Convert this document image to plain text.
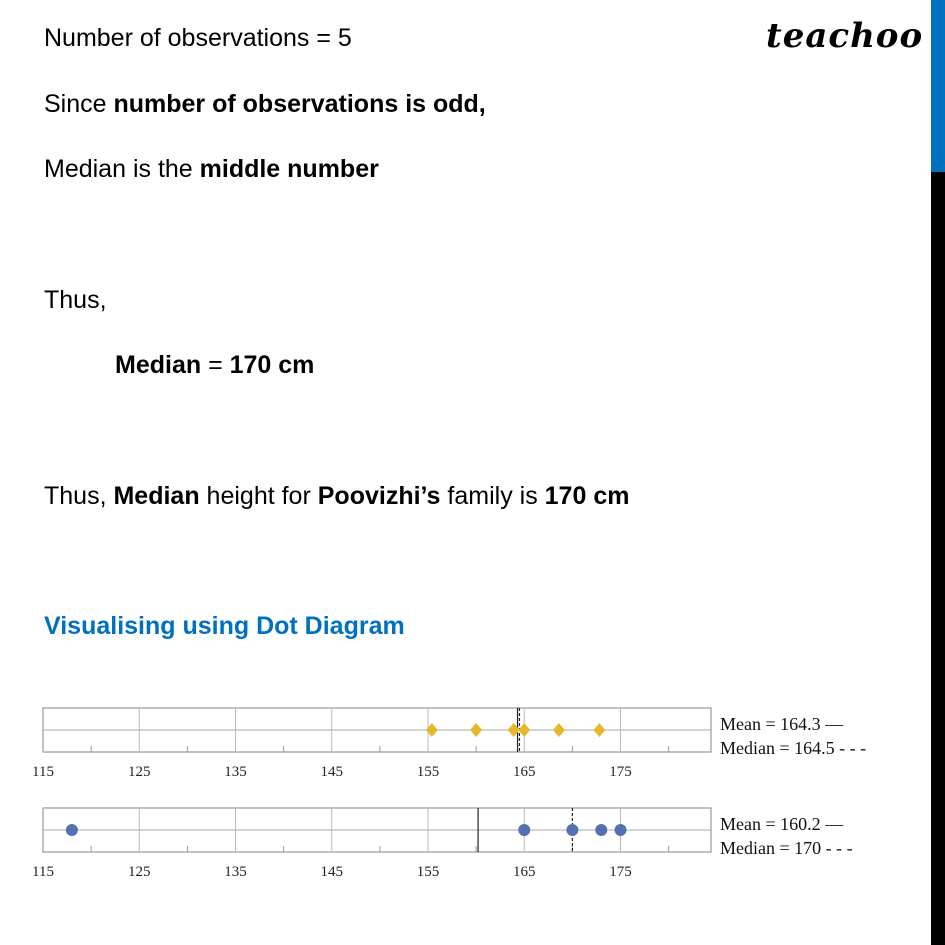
teachoo
Number of observations = 5
Since number of observations is odd,
Median is the middle number
Thus,
Median = 170 cm
Thus, Median height for Poovizhi’s family is 170 cm
Visualising using Dot Diagram
115	125	135	145	155	165	175
Mean = 164.3 —
Median = 164.5 - - -
115	125	135	145	155	165	175
Mean = 160.2 —
Median = 170 - - -
